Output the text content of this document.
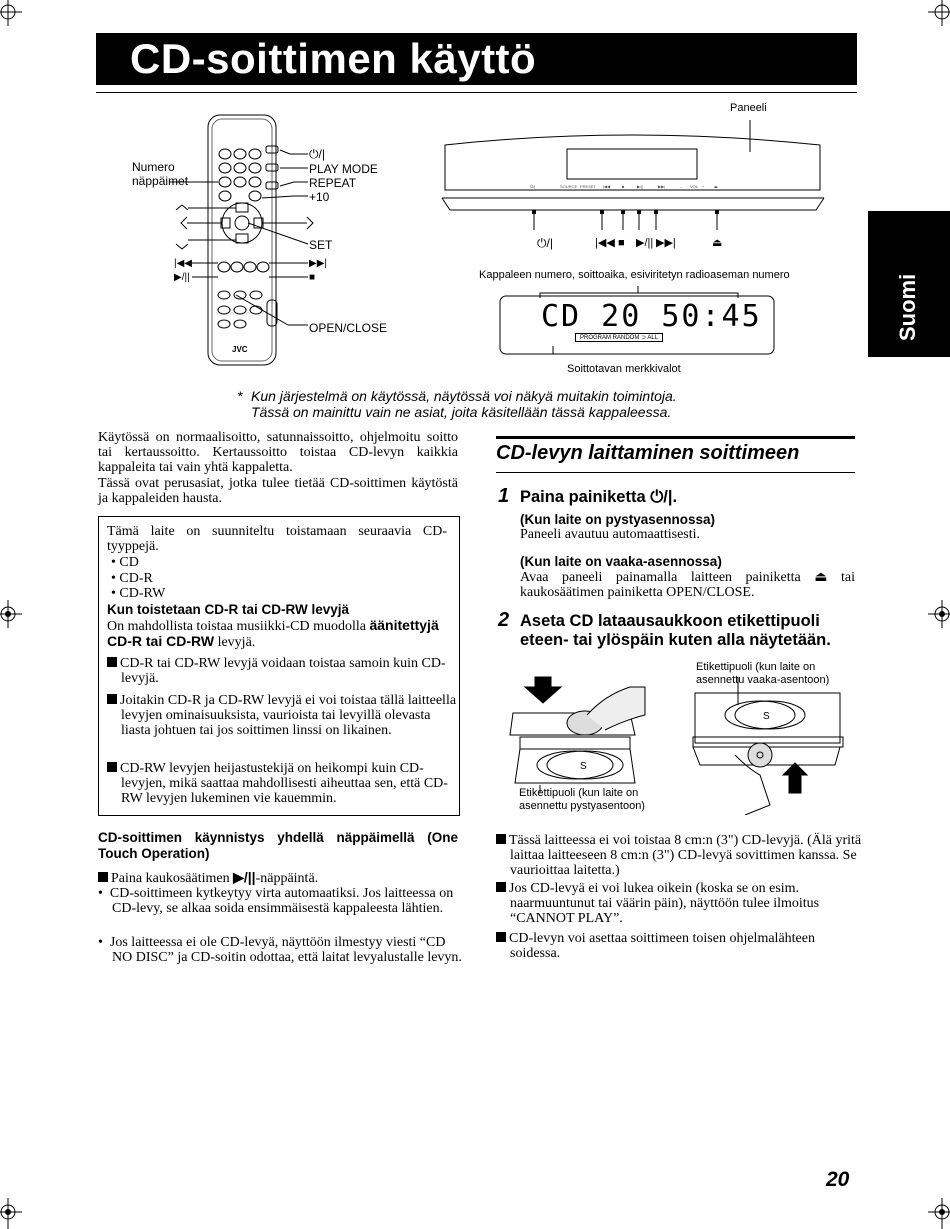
CD-soittimen käyttö
Suomi
JVC
Numero
näppäimet
⏻/|
PLAY MODE
REPEAT
+10
SET
|◀◀
▶/||
▶▶|
■
OPEN/CLOSE
Paneeli
⏻/|	SOURCE PRESET |◀◀	■	▶/||	▶▶|	– VOL + ⏏
⏻/|	|◀◀ ■ ▶/|| ▶▶|	⏏
Kappaleen numero, soittoaika, esiviritetyn radioaseman numero
CD 20 50:45
PROGRAM RANDOM ⊃ ALL
Soittotavan merkkivalot
* Kun järjestelmä on käytössä, näytössä voi näkyä muitakin toimintoja.
Tässä on mainittu vain ne asiat, joita käsitellään tässä kappaleessa.
Käytössä on normaalisoitto, satunnaissoitto, ohjelmoitu soitto tai kertaussoitto. Kertaussoitto toistaa CD-levyn kaikkia kappaleita tai vain yhtä kappaletta.
Tässä ovat perusasiat, jotka tulee tietää CD-soittimen käytöstä ja kappaleiden hausta.
Tämä laite on suunniteltu toistamaan seuraavia CD-tyyppejä.
• CD
• CD-R
• CD-RW
Kun toistetaan CD-R tai CD-RW levyjä
On mahdollista toistaa musiikki-CD muodolla äänitettyjä CD-R tai CD-RW levyjä.
CD-R tai CD-RW levyjä voidaan toistaa samoin kuin CD-levyjä.
Joitakin CD-R ja CD-RW levyjä ei voi toistaa tällä laitteella levyjen ominaisuuksista, vaurioista tai levyillä olevasta liasta johtuen tai jos soittimen linssi on likainen.
CD-RW levyjen heijastustekijä on heikompi kuin CD-levyjen, mikä saattaa mahdollisesti aiheuttaa sen, että CD-RW levyjen lukeminen vie kauemmin.
CD-soittimen käynnistys yhdellä näppäimellä (One Touch Operation)
Paina kaukosäätimen ▶/||-näppäintä.
•  CD-soittimeen kytkeytyy virta automaatiksi. Jos laitteessa on CD-levy, se alkaa soida ensimmäisestä kappaleesta lähtien.
•  Jos laitteessa ei ole CD-levyä, näyttöön ilmestyy viesti “CD NO DISC” ja CD-soitin odottaa, että laitat levyalustalle levyn.
CD-levyn laittaminen soittimeen
1 Paina painiketta ⏻/|.
(Kun laite on pystyasennossa)
Paneeli avautuu automaattisesti.
(Kun laite on vaaka-asennossa)
Avaa paneeli painamalla laitteen painiketta ⏏ tai kaukosäätimen painiketta OPEN/CLOSE.
2 Aseta CD lataausaukkoon etikettipuoli eteen- tai ylöspäin kuten alla näytetään.
Etikettipuoli (kun laite on asennettu vaaka-asentoon)
S
S
Etikettipuoli (kun laite on asennettu pystyasentoon)
Tässä laitteessa ei voi toistaa 8 cm:n (3") CD-levyjä. (Älä yritä laittaa laitteeseen 8 cm:n (3") CD-levyä sovittimen kanssa. Se vaurioittaa laitetta.)
Jos CD-levyä ei voi lukea oikein (koska se on esim. naarmuuntunut tai väärin päin), näyttöön tulee ilmoitus “CANNOT PLAY”.
CD-levyn voi asettaa soittimeen toisen ohjelmalähteen soidessa.
20
